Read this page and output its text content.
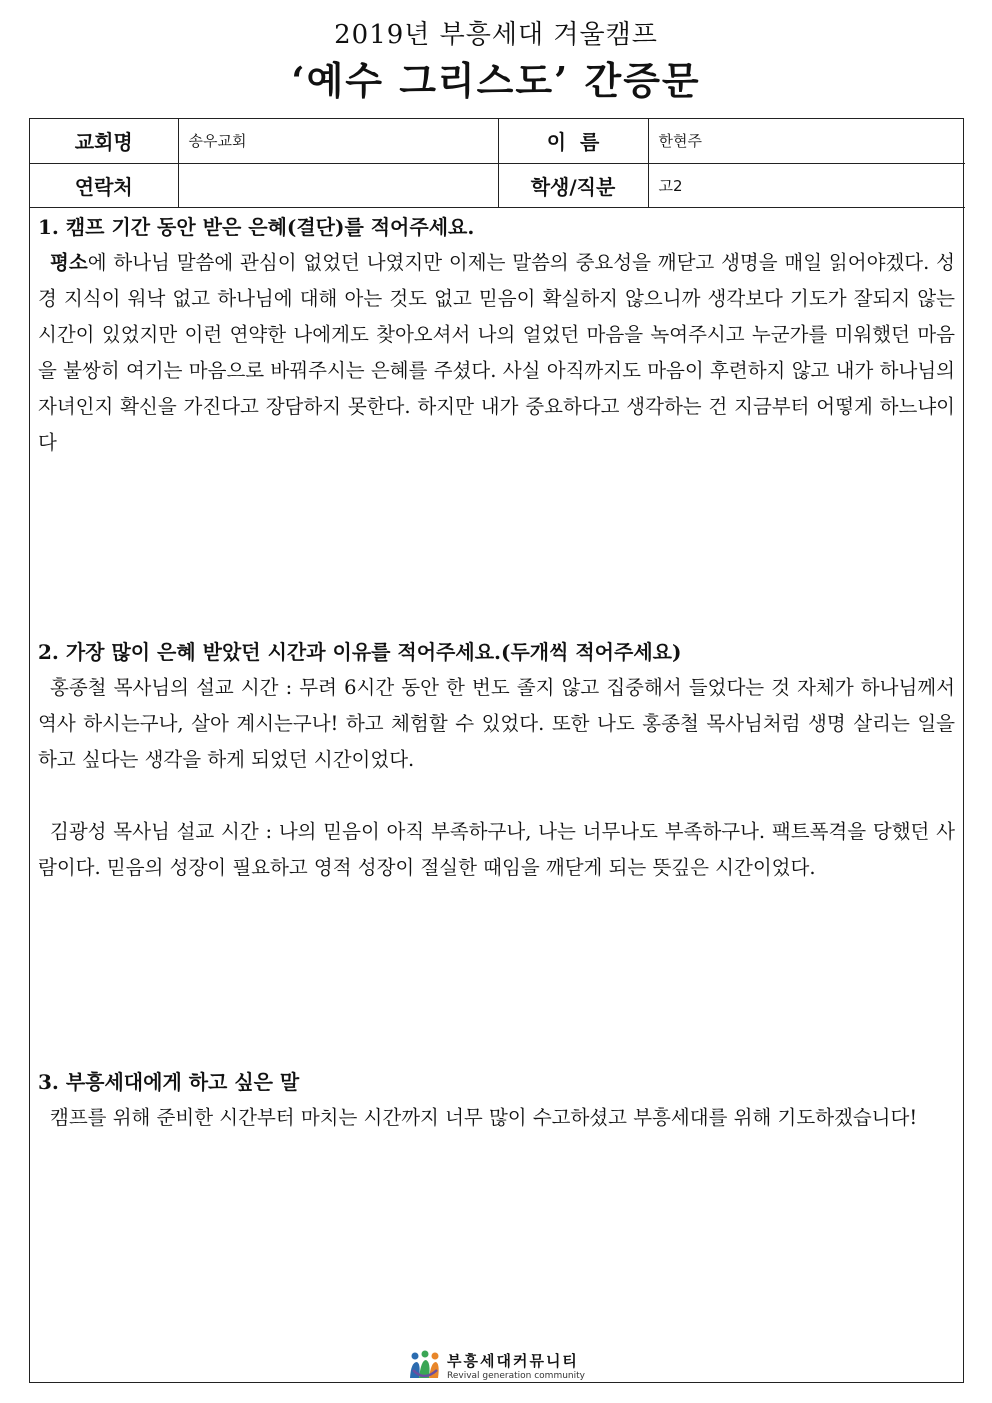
2019년 부흥세대 겨울캠프
‘예수 그리스도’ 간증문
교회명	송우교회	이  름	한현주
연락처		학생/직분	고2
1. 캠프 기간 동안 받은 은혜(결단)를 적어주세요.
평소에 하나님 말씀에 관심이 없었던 나였지만 이제는 말씀의 중요성을 깨닫고 생명을 매일 읽어야겠다. 성경 지식이 워낙 없고 하나님에 대해 아는 것도 없고 믿음이 확실하지 않으니까 생각보다 기도가 잘되지 않는 시간이 있었지만 이런 연약한 나에게도 찾아오셔서 나의 얼었던 마음을 녹여주시고 누군가를 미워했던 마음을 불쌍히 여기는 마음으로 바꿔주시는 은혜를 주셨다. 사실 아직까지도 마음이 후련하지 않고 내가 하나님의 자녀인지 확신을 가진다고 장담하지 못한다. 하지만 내가 중요하다고 생각하는 건 지금부터 어떻게 하느냐이다
2. 가장 많이 은혜 받았던 시간과 이유를 적어주세요.(두개씩 적어주세요)
홍종철 목사님의 설교 시간 : 무려 6시간 동안 한 번도 졸지 않고 집중해서 들었다는 것 자체가 하나님께서 역사 하시는구나, 살아 계시는구나! 하고 체험할 수 있었다. 또한 나도 홍종철 목사님처럼 생명 살리는 일을 하고 싶다는 생각을 하게 되었던 시간이었다.
김광성 목사님 설교 시간 : 나의 믿음이 아직 부족하구나, 나는 너무나도 부족하구나. 팩트폭격을 당했던 사람이다. 믿음의 성장이 필요하고 영적 성장이 절실한 때임을 깨닫게 되는 뜻깊은 시간이었다.
3. 부흥세대에게 하고 싶은 말
캠프를 위해 준비한 시간부터 마치는 시간까지 너무 많이 수고하셨고 부흥세대를 위해 기도하겠습니다!
부흥세대커뮤니티
Revival generation community
